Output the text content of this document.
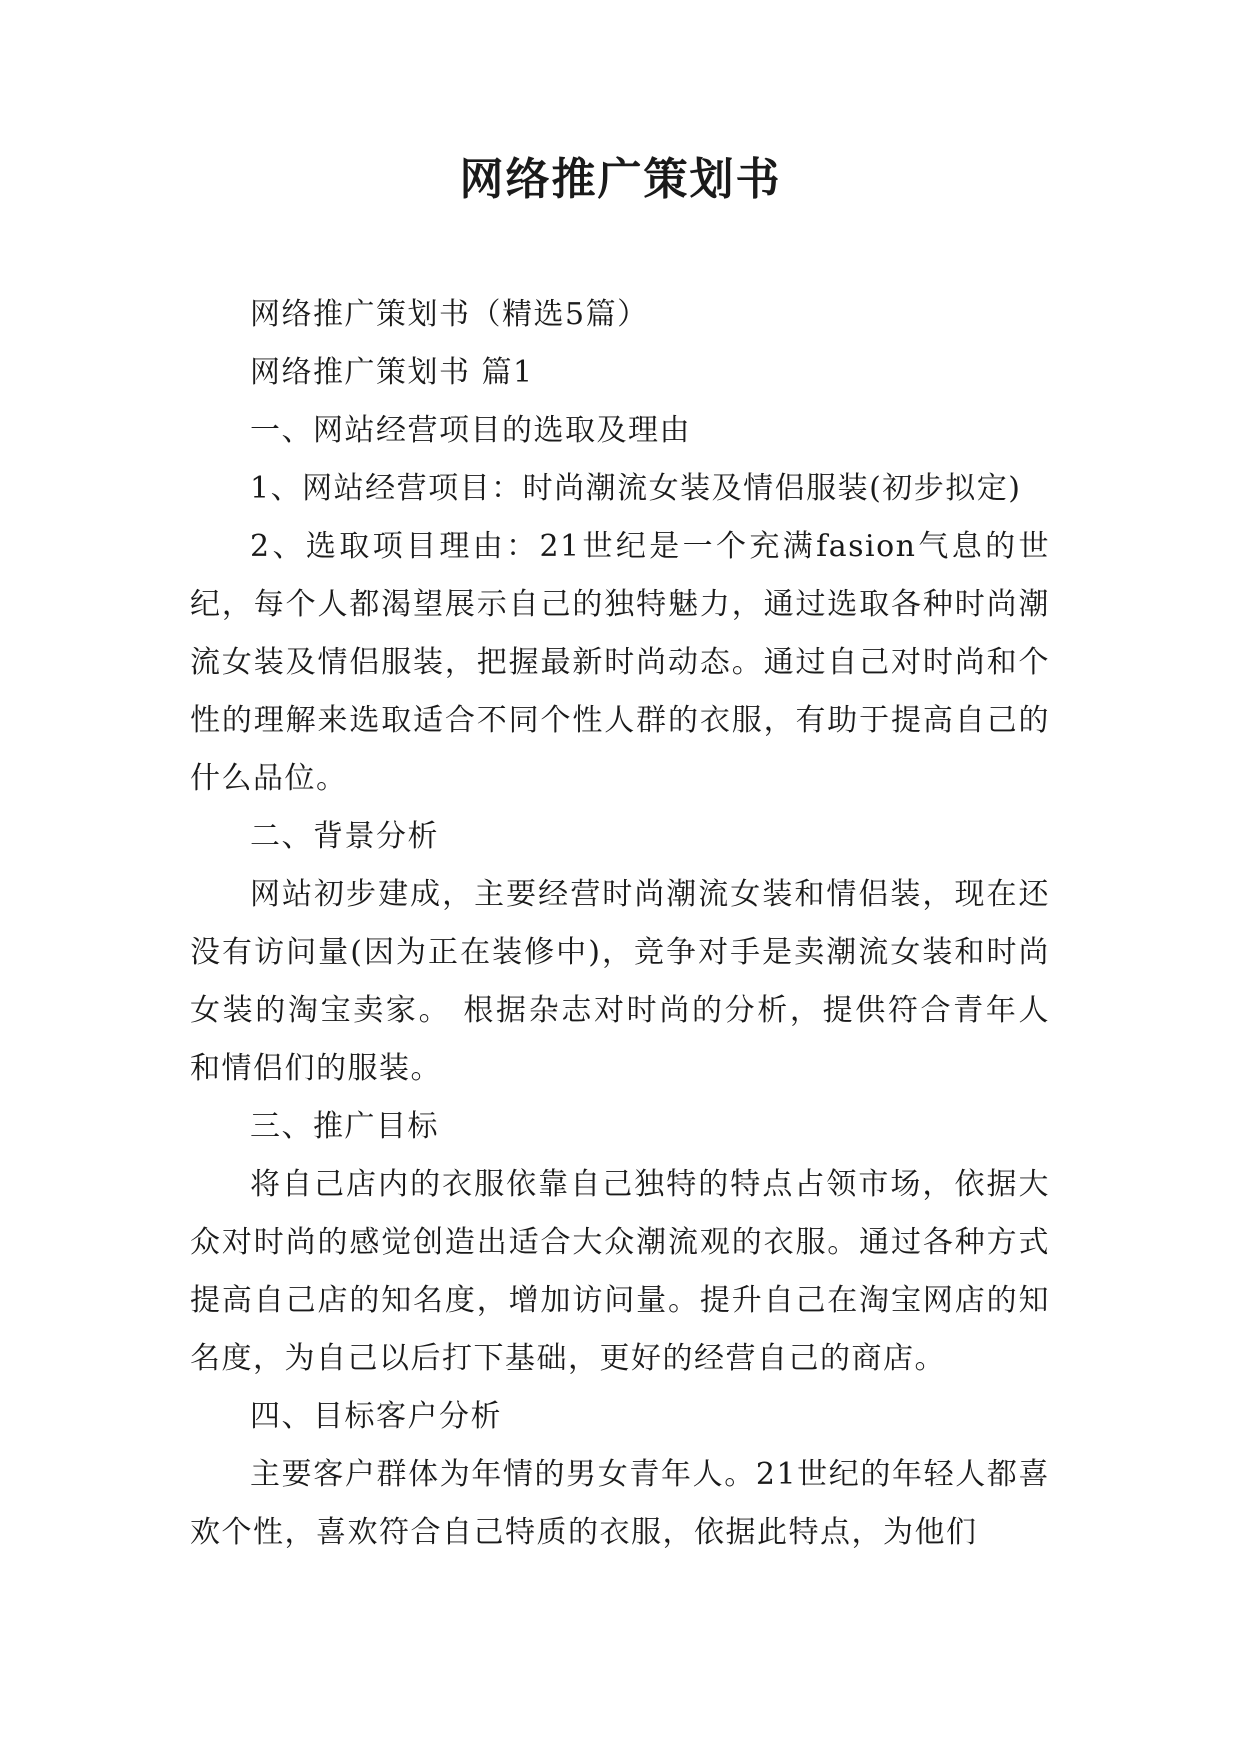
网络推广策划书

网络推广策划书（精选5篇）

网络推广策划书 篇1

一、网站经营项目的选取及理由

1、网站经营项目：时尚潮流女装及情侣服装(初步拟定)

2、选取项目理由：21世纪是一个充满fasion气息的世纪，每个人都渴望展示自己的独特魅力，通过选取各种时尚潮流女装及情侣服装，把握最新时尚动态。通过自己对时尚和个性的理解来选取适合不同个性人群的衣服，有助于提高自己的什么品位。

二、背景分析

网站初步建成，主要经营时尚潮流女装和情侣装，现在还没有访问量(因为正在装修中)，竞争对手是卖潮流女装和时尚女装的淘宝卖家。 根据杂志对时尚的分析，提供符合青年人和情侣们的服装。

三、推广目标

将自己店内的衣服依靠自己独特的特点占领市场，依据大众对时尚的感觉创造出适合大众潮流观的衣服。通过各种方式提高自己店的知名度，增加访问量。提升自己在淘宝网店的知名度，为自己以后打下基础，更好的经营自己的商店。

四、目标客户分析

主要客户群体为年情的男女青年人。21世纪的年轻人都喜欢个性，喜欢符合自己特质的衣服，依据此特点，为他们
